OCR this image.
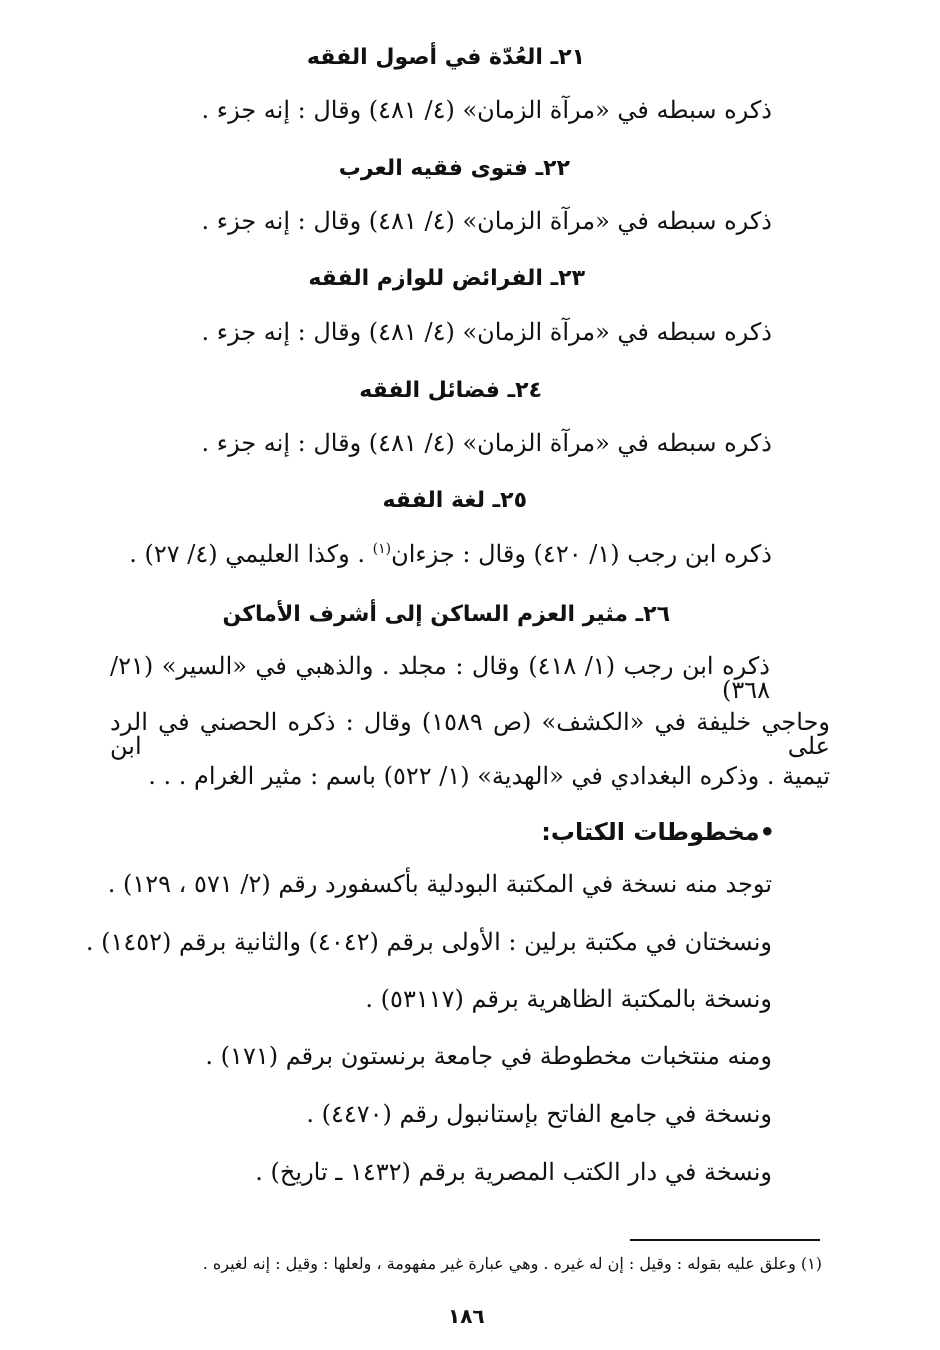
٢١ـ العُدّة في أصول الفقه
ذكره سبطه في «مرآة الزمان» (٤/ ٤٨١) وقال : إنه جزء .
٢٢ـ فتوى فقيه العرب
ذكره سبطه في «مرآة الزمان» (٤/ ٤٨١) وقال : إنه جزء .
٢٣ـ الفرائض للوازم الفقه
ذكره سبطه في «مرآة الزمان» (٤/ ٤٨١) وقال : إنه جزء .
٢٤ـ فضائل الفقه
ذكره سبطه في «مرآة الزمان» (٤/ ٤٨١) وقال : إنه جزء .
٢٥ـ لغة الفقه
ذكره ابن رجب (١/ ٤٢٠) وقال : جزءان$^{(١)}$ . وكذا العليمي (٤/ ٢٧) .
٢٦ـ مثير العزم الساكن إلى أشرف الأماكن
ذكره ابن رجب (١/ ٤١٨) وقال : مجلد . والذهبي في «السير» (٢١/ ٣٦٨)
وحاجي خليفة في «الكشف» (ص ١٥٨٩) وقال : ذكره الحصني في الرد على ابن
تيمية . وذكره البغدادي في «الهدية» (١/ ٥٢٢) باسم : مثير الغرام . . .
•مخطوطات الكتاب:
توجد منه نسخة في المكتبة البودلية بأكسفورد رقم (٢/ ٥٧١ ، ١٢٩) .
ونسختان في مكتبة برلين : الأولى برقم (٤٠٤٢) والثانية برقم (١٤٥٢) .
ونسخة بالمكتبة الظاهرية برقم (٥٣١١٧) .
ومنه منتخبات مخطوطة في جامعة برنستون برقم (١٧١) .
ونسخة في جامع الفاتح بإستانبول رقم (٤٤٧٠) .
ونسخة في دار الكتب المصرية برقم (١٤٣٢ ـ تاريخ) .
(١) وعلق عليه بقوله : وقيل : إن له غيره . وهي عبارة غير مفهومة ، ولعلها : وقيل : إنه لغيره .
١٨٦
